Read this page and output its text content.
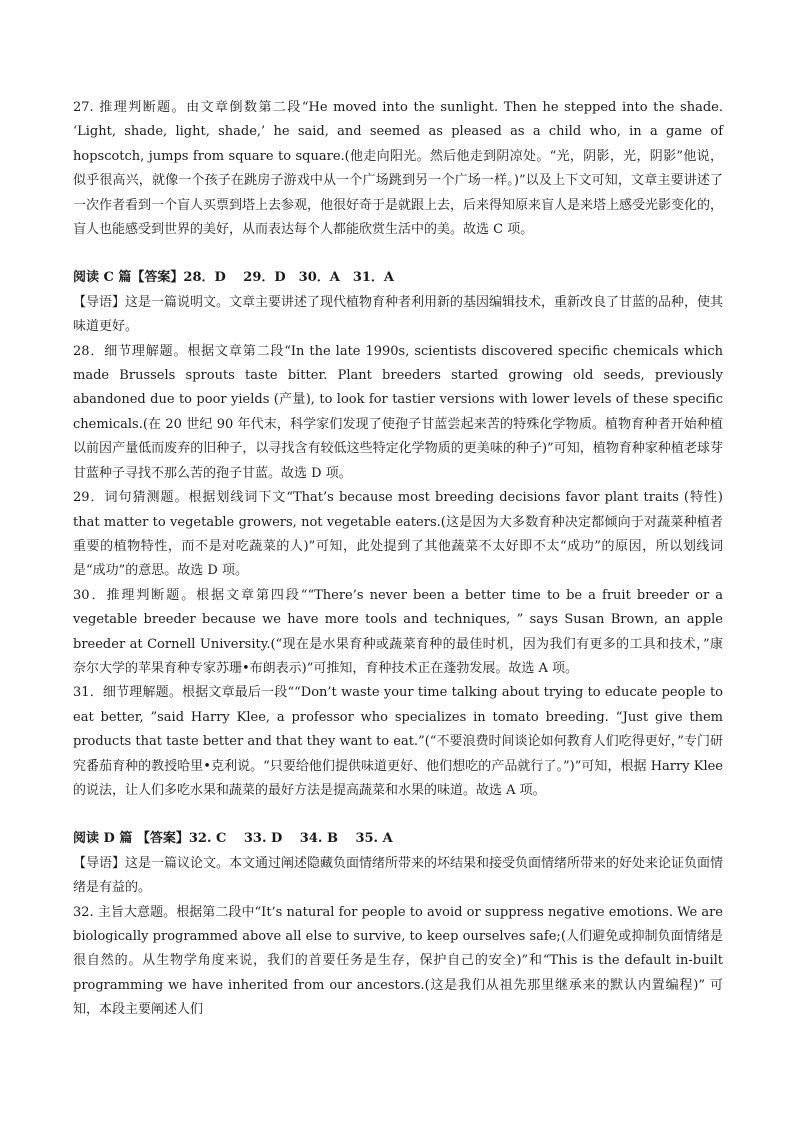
27. 推理判断题。由文章倒数第二段“He moved into the sunlight. Then he stepped into the shade. ‘Light, shade, light, shade,’ he said, and seemed as pleased as a child who, in a game of hopscotch, jumps from square to square.(他走向阳光。然后他走到阴凉处。“光，阴影，光，阴影”他说，似乎很高兴，就像一个孩子在跳房子游戏中从一个广场跳到另一个广场一样。)”以及上下文可知，文章主要讲述了一次作者看到一个盲人买票到塔上去参观，他很好奇于是就跟上去，后来得知原来盲人是来塔上感受光影变化的，盲人也能感受到世界的美好，从而表达每个人都能欣赏生活中的美。故选 C 项。

阅读 C 篇【答案】28．D　 29．D　30．A　31．A

【导语】这是一篇说明文。文章主要讲述了现代植物育种者利用新的基因编辑技术，重新改良了甘蓝的品种，使其味道更好。

28．细节理解题。根据文章第二段“In the late 1990s, scientists discovered specific chemicals which made Brussels sprouts taste bitter. Plant breeders started growing old seeds, previously abandoned due to poor yields (产量), to look for tastier versions with lower levels of these specific chemicals.(在 20 世纪 90 年代末，科学家们发现了使孢子甘蓝尝起来苦的特殊化学物质。植物育种者开始种植以前因产量低而废弃的旧种子，以寻找含有较低这些特定化学物质的更美味的种子)”可知，植物育种家种植老球芽甘蓝种子寻找不那么苦的孢子甘蓝。故选 D 项。

29．词句猜测题。根据划线词下文“That’s because most breeding decisions favor plant traits (特性) that matter to vegetable growers, not vegetable eaters.(这是因为大多数育种决定都倾向于对蔬菜种植者重要的植物特性，而不是对吃蔬菜的人)”可知，此处提到了其他蔬菜不太好即不太“成功”的原因，所以划线词是“成功”的意思。故选 D 项。

30．推理判断题。根据文章第四段““There’s never been a better time to be a fruit breeder or a vegetable breeder because we have more tools and techniques, ” says Susan Brown, an apple breeder at Cornell University.(“现在是水果育种或蔬菜育种的最佳时机，因为我们有更多的工具和技术，”康奈尔大学的苹果育种专家苏珊•布朗表示)”可推知，育种技术正在蓬勃发展。故选 A 项。

31．细节理解题。根据文章最后一段““Don’t waste your time talking about trying to educate people to eat better, ”said Harry Klee, a professor who specializes in tomato breeding. “Just give them products that taste better and that they want to eat.”(“不要浪费时间谈论如何教育人们吃得更好，”专门研究番茄育种的教授哈里•克利说。“只要给他们提供味道更好、他们想吃的产品就行了。”)”可知，根据 Harry Klee 的说法，让人们多吃水果和蔬菜的最好方法是提高蔬菜和水果的味道。故选 A 项。

阅读 D 篇 【答案】32. C　 33. D　 34. B　 35. A

【导语】这是一篇议论文。本文通过阐述隐藏负面情绪所带来的坏结果和接受负面情绪所带来的好处来论证负面情绪是有益的。

32. 主旨大意题。根据第二段中“It’s natural for people to avoid or suppress negative emotions. We are biologically programmed above all else to survive, to keep ourselves safe;(人们避免或抑制负面情绪是很自然的。从生物学角度来说，我们的首要任务是生存，保护自己的安全)”和“This is the default in-built programming we have inherited from our ancestors.(这是我们从祖先那里继承来的默认内置编程)” 可知，本段主要阐述人们
